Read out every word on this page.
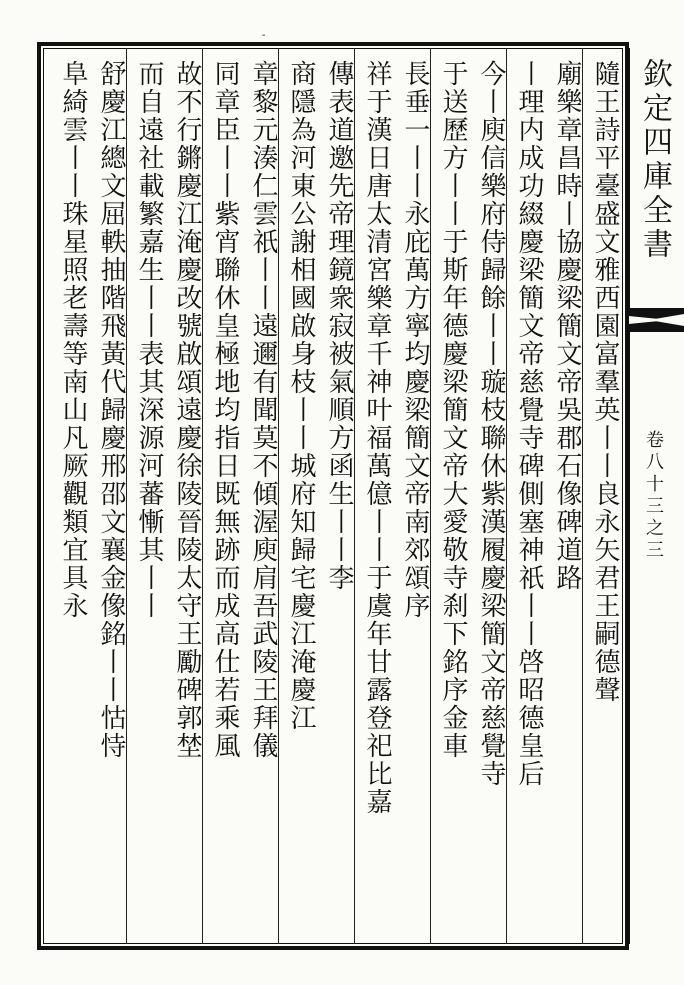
-
欽定四庫全書
卷八十三之三
隨王詩平臺盛文雅西園富羣英丨丨良永矢君王嗣德聲
廟樂章昌時丨協慶梁簡文帝吳郡石像碑道路
丨理内成功綴慶梁簡文帝慈覺寺碑側塞神祇丨丨啓昭德皇后
今丨庾信樂府侍歸餘丨丨璇枝聯休紫漢履慶梁簡文帝慈覺寺
于送歷方丨丨于斯年德慶梁簡文帝大愛敬寺刹下銘序金車
長垂一丨丨永庇萬方寧均慶梁簡文帝南郊頌序
祥于漢日唐太清宮樂章千神叶福萬億丨丨于虞年甘露登祀比嘉
傳表道邀先帝理鏡衆寂被氣順方函生丨丨李
商隱為河東公謝相國啟身枝丨丨城府知歸宅慶江淹慶江
章黎元湊仁雲祇丨丨遠邇有聞莫不傾渥庾肩吾武陵王拜儀
同章臣丨丨紫宵聯休皇極地均指日既無跡而成高仕若乘風
故不行鏘慶江淹慶改號啟頌遠慶徐陵晉陵太守王勵碑郭埜
而自遠社載繁嘉生丨丨表其深源河蕃慚其丨丨
舒慶江總文屈軼抽階飛黃代歸慶邢邵文襄金像銘丨丨怙恃
阜綺雲丨丨珠星照老壽等南山凡厥觀類宜具永
